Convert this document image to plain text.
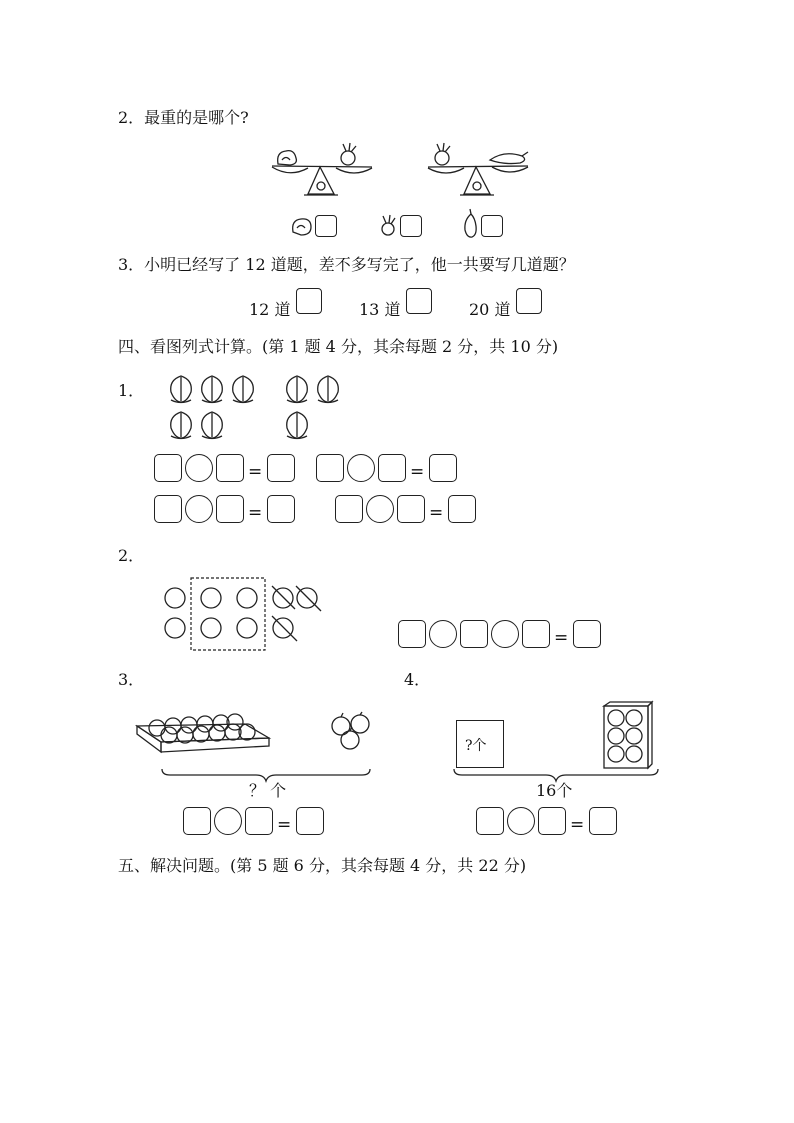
2．最重的是哪个?
3．小明已经写了 12 道题，差不多写完了，他一共要写几道题？
12 道	13 道	20 道
四、看图列式计算。(第 1 题 4 分，其余每题 2 分，共 10 分)
1．
=	=
=	=
2．
=
3．
？ 个
=
4．
?个
16个
=
五、解决问题。(第 5 题 6 分，其余每题 4 分，共 22 分)
